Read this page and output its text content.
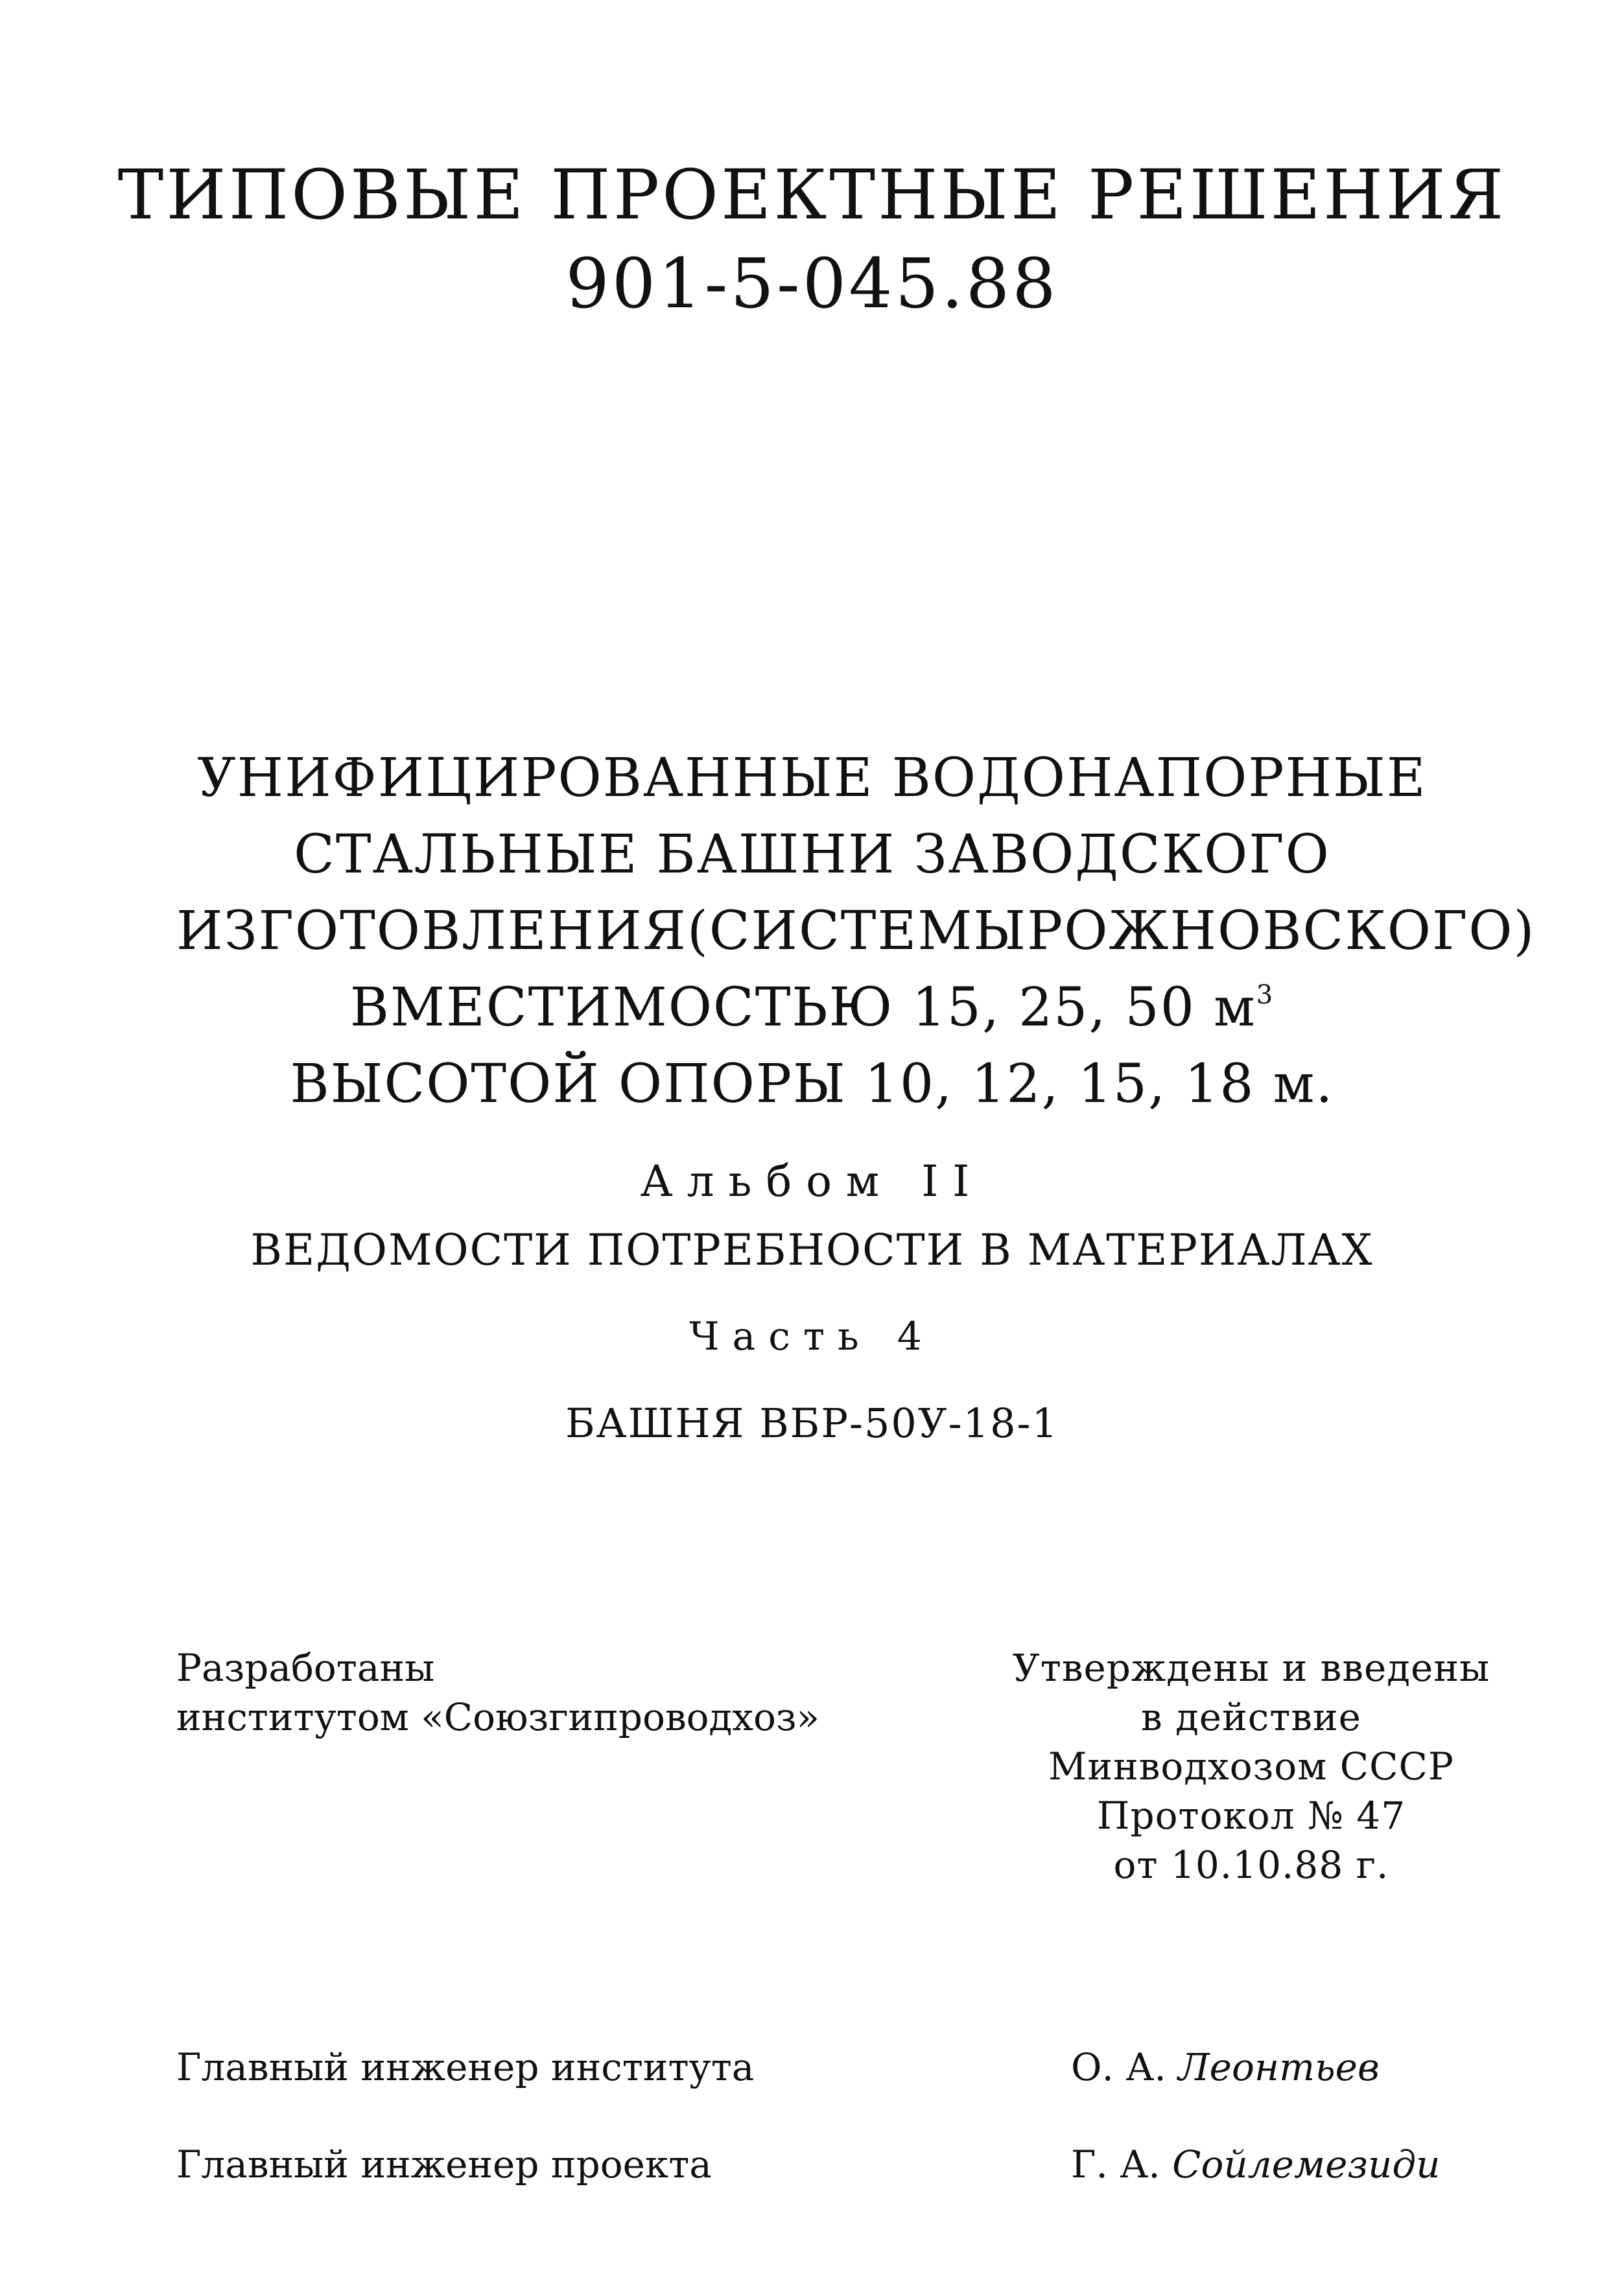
ТИПОВЫЕ ПРОЕКТНЫЕ РЕШЕНИЯ
901-5-045.88
УНИФИЦИРОВАННЫЕ ВОДОНАПОРНЫЕ
СТАЛЬНЫЕ БАШНИ ЗАВОДСКОГО
ИЗГОТОВЛЕНИЯ (СИСТЕМЫ РОЖНОВСКОГО)
ВМЕСТИМОСТЬЮ 15, 25, 50 $м^3$
ВЫСОТОЙ ОПОРЫ 10, 12, 15, 18 м.
Альбом II
ВЕДОМОСТИ ПОТРЕБНОСТИ В МАТЕРИАЛАХ
Часть 4
БАШНЯ ВБР-50У-18-1
Разработаны
институтом «Союзгипроводхоз»
Утверждены и введены
в действие
Минводхозом СССР
Протокол № 47
от 10.10.88 г.
Главный инженер института	О. А. Леонтьев
Главный инженер проекта	Г. А. Сойлемезиди
